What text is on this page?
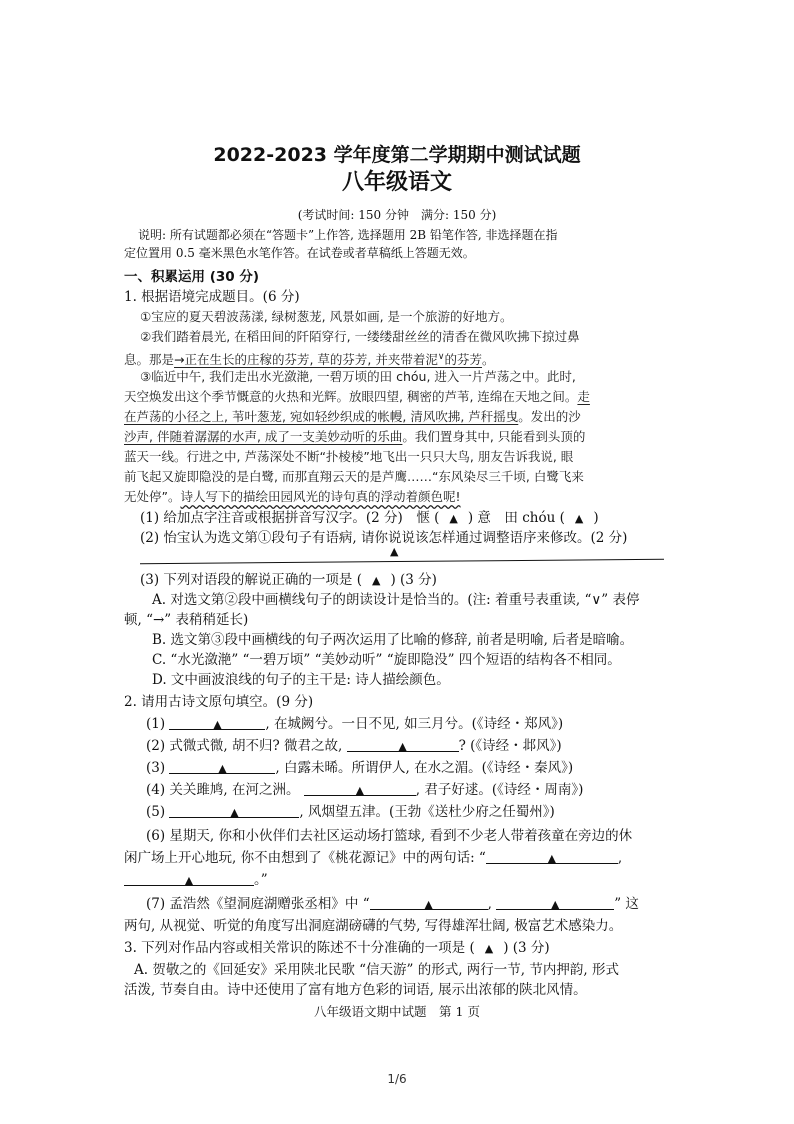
2022-2023 学年度第二学期期中测试试题
八年级语文
(考试时间: 150 分钟　满分: 150 分)
说明: 所有试题都必须在“答题卡”上作答, 选择题用 2B 铅笔作答, 非选择题在指
定位置用 0.5 毫米黑色水笔作答。在试卷或者草稿纸上答题无效。
一、积累运用 (30 分)
1. 根据语境完成题目。(6 分)
①宝应的夏天碧波荡漾, 绿树葱茏, 风景如画, 是一个旅游的好地方。
②我们踏着晨光, 在稻田间的阡陌穿行, 一缕缕甜丝丝的清香在微风吹拂下掠过鼻
息。那是→正在生长的庄稼的芬芳, 草的芬芳, 并夹带着泥∨的芬芳。
③临近中午, 我们走出水光潋滟, 一碧万顷的田 chóu, 进入一片芦荡之中。此时,
天空焕发出这个季节慨意的火热和光辉。放眼四望, 稠密的芦苇, 连绵在天地之间。走
在芦荡的小径之上, 苇叶葱茏, 宛如轻纱织成的帐幔, 清风吹拂, 芦秆摇曳。发出的沙
沙声, 伴随着潺潺的水声, 成了一支美妙动听的乐曲。我们置身其中, 只能看到头顶的
蓝天一线。行进之中, 芦荡深处不断“扑棱棱”地飞出一只只大鸟, 朋友告诉我说, 眼
前飞起又旋即隐没的是白鹭, 而那直翔云天的是芦鹰……“东风染尽三千顷, 白鹭飞来
无处停”。诗人写下的描绘田园风光的诗句真的浮动着颜色呢!
(1) 给加点字注音或根据拼音写汉字。(2 分)　惬 ( ▲ ) 意　田 chóu ( ▲ )
(2) 怡宝认为选文第①段句子有语病, 请你说说该怎样通过调整语序来修改。(2 分)
▲
(3) 下列对语段的解说正确的一项是 ( ▲ ) (3 分)
A. 对选文第②段中画横线句子的朗读设计是恰当的。(注: 着重号表重读, “∨” 表停
顿, “→” 表稍稍延长)
B. 选文第③段中画横线的句子两次运用了比喻的修辞, 前者是明喻, 后者是暗喻。
C. “水光潋滟” “一碧万顷” “美妙动听” “旋即隐没” 四个短语的结构各不相同。
D. 文中画波浪线的句子的主干是: 诗人描绘颜色。
2. 请用古诗文原句填空。(9 分)
(1)	▲	, 在城阙兮。一日不见, 如三月兮。(《诗经・郑风》)
(2) 式微式微, 胡不归? 微君之故,	▲	? (《诗经・邶风》)
(3)	▲	, 白露未晞。所谓伊人, 在水之湄。(《诗经・秦风》)
(4) 关关雎鸠, 在河之洲。	▲	, 君子好逑。(《诗经・周南》)
(5)	▲	, 风烟望五津。(王勃《送杜少府之任蜀州》)
(6) 星期天, 你和小伙伴们去社区运动场打篮球, 看到不少老人带着孩童在旁边的休
闲广场上开心地玩, 你不由想到了《桃花源记》中的两句话: “	▲	,
▲	。”
(7) 孟浩然《望洞庭湖赠张丞相》中 “	▲	,	▲	” 这
两句, 从视觉、听觉的角度写出洞庭湖磅礴的气势, 写得雄浑壮阔, 极富艺术感染力。
3. 下列对作品内容或相关常识的陈述不十分准确的一项是 ( ▲ ) (3 分)
A. 贺敬之的《回延安》采用陕北民歌 “信天游” 的形式, 两行一节, 节内押韵, 形式
活泼, 节奏自由。诗中还使用了富有地方色彩的词语, 展示出浓郁的陕北风情。
八年级语文期中试题　第 1 页
1/6
